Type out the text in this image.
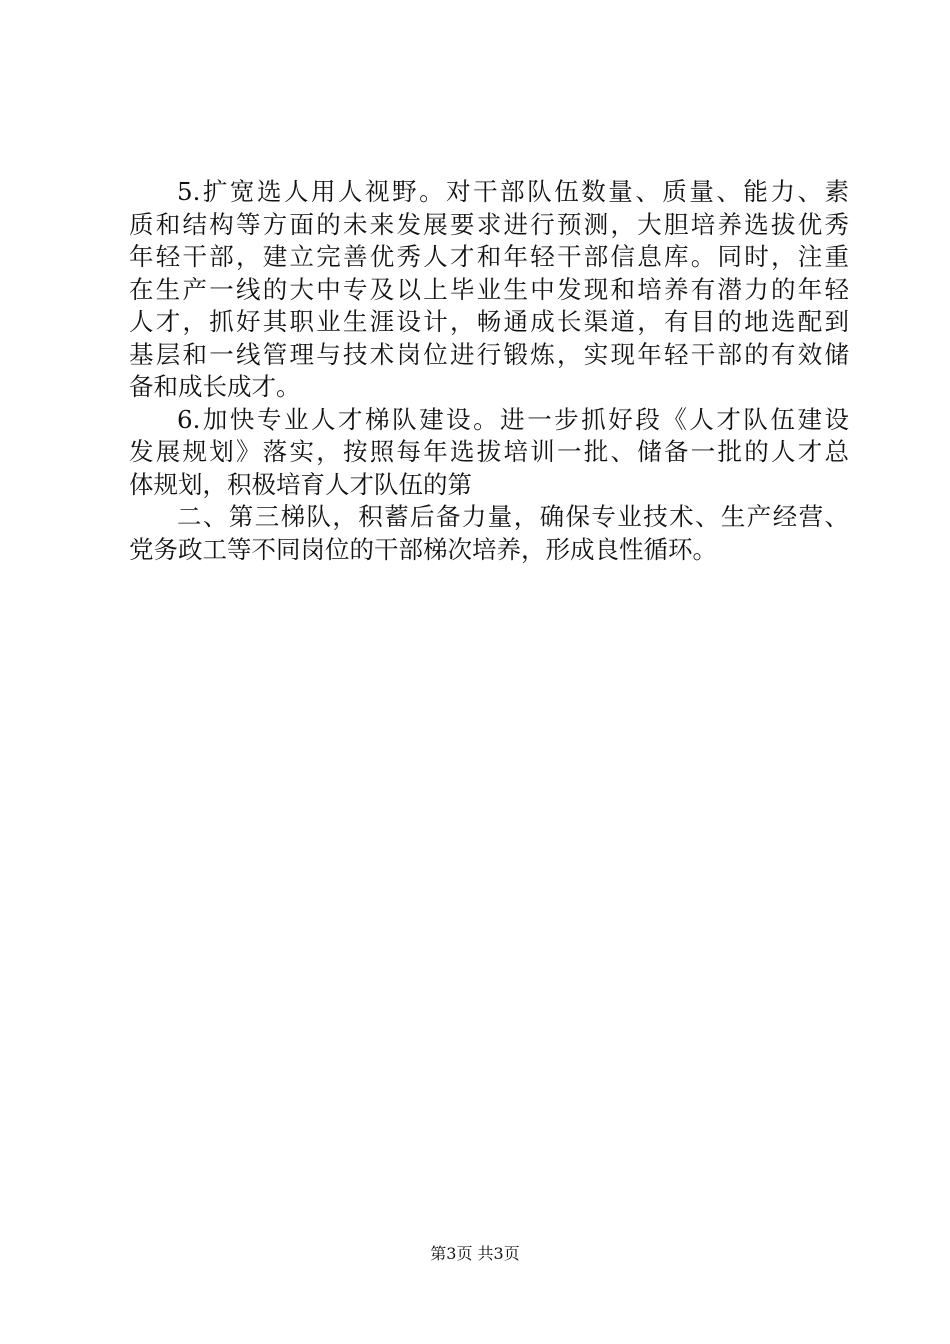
5.扩宽选人用人视野。对干部队伍数量、质量、能力、素
质和结构等方面的未来发展要求进行预测，大胆培养选拔优秀
年轻干部，建立完善优秀人才和年轻干部信息库。同时，注重
在生产一线的大中专及以上毕业生中发现和培养有潜力的年轻
人才，抓好其职业生涯设计，畅通成长渠道，有目的地选配到
基层和一线管理与技术岗位进行锻炼，实现年轻干部的有效储
备和成长成才。
6.加快专业人才梯队建设。进一步抓好段《人才队伍建设
发展规划》落实，按照每年选拔培训一批、储备一批的人才总
体规划，积极培育人才队伍的第
二、第三梯队，积蓄后备力量，确保专业技术、生产经营、
党务政工等不同岗位的干部梯次培养，形成良性循环。
第3页 共3页
